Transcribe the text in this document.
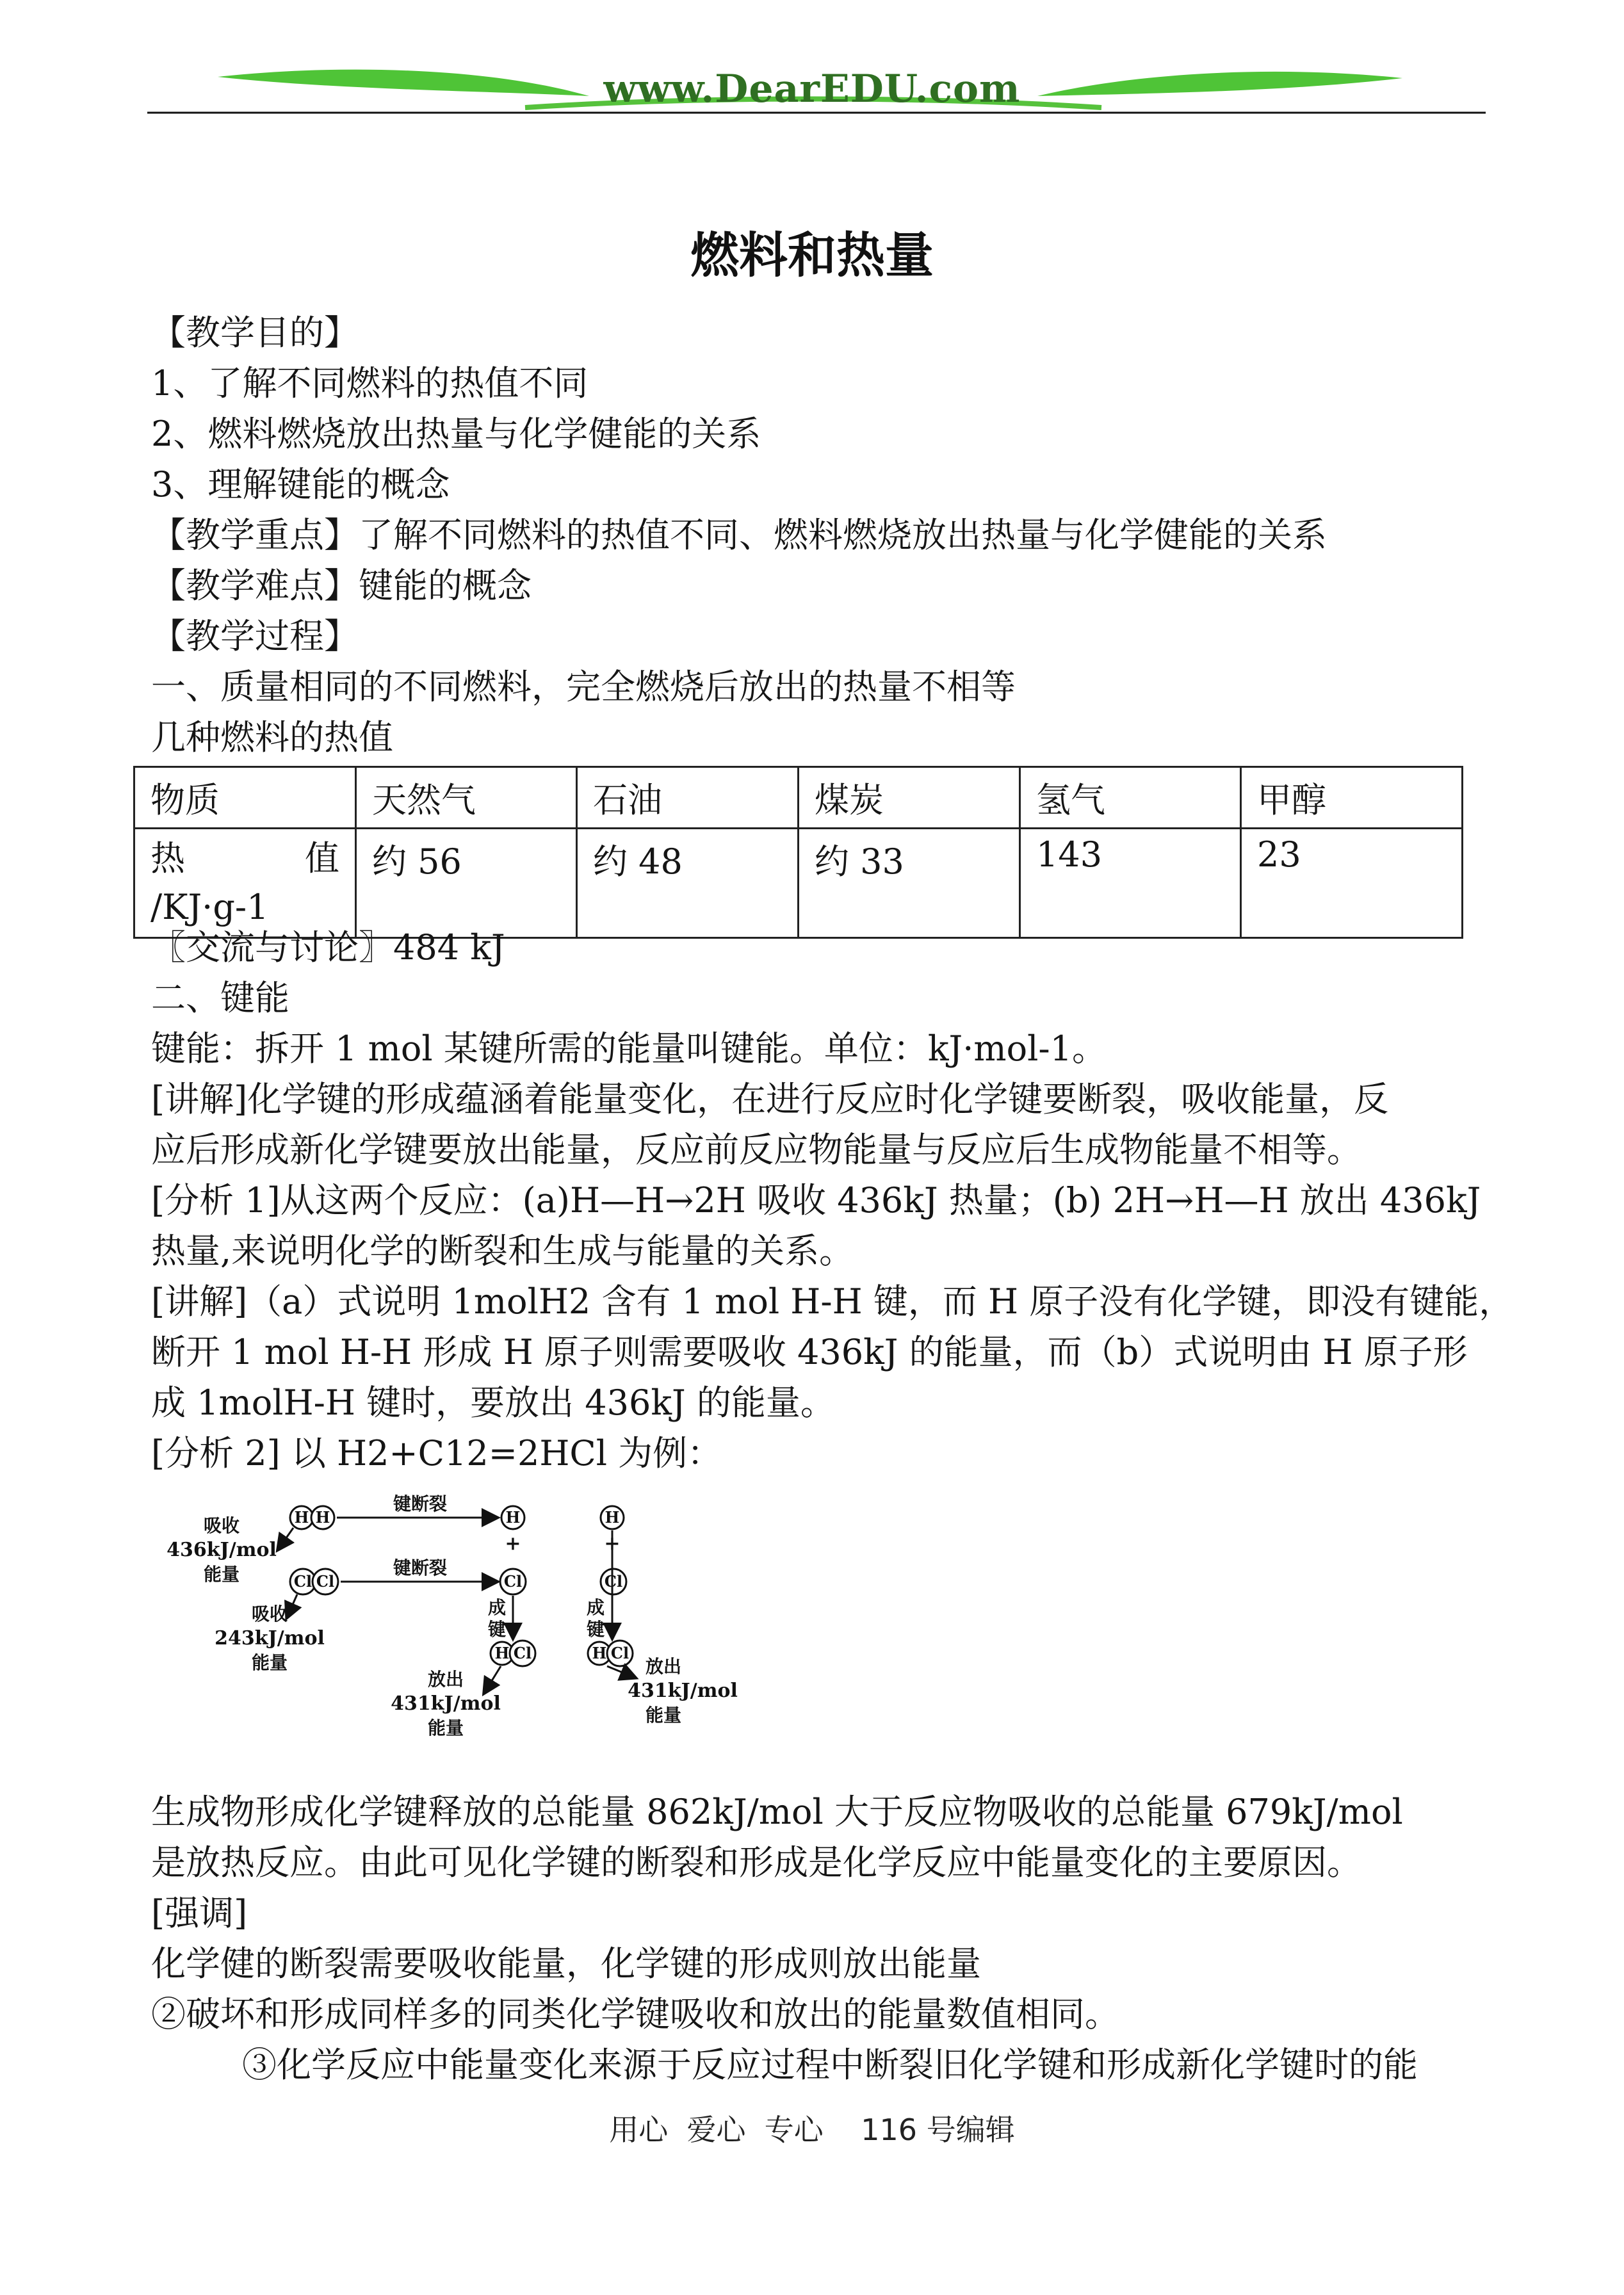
www.DearEDU.com
燃料和热量
【教学目的】
1、了解不同燃料的热值不同
2、燃料燃烧放出热量与化学健能的关系
3、理解键能的概念
【教学重点】了解不同燃料的热值不同、燃料燃烧放出热量与化学健能的关系
【教学难点】键能的概念
【教学过程】
一、质量相同的不同燃料，完全燃烧后放出的热量不相等
几种燃料的热值
物质	天然气	石油	煤炭	氢气	甲醇

热 值
/KJ·g-1	约 56	约 48	约 33	143	23
〖交流与讨论〗484 kJ
二、键能
键能：拆开 1 mol 某键所需的能量叫键能。单位：kJ·mol-1。
[讲解]化学键的形成蕴涵着能量变化，在进行反应时化学键要断裂，吸收能量，反
应后形成新化学键要放出能量，反应前反应物能量与反应后生成物能量不相等。
[分析 1]从这两个反应：(a)H—H→2H 吸收 436kJ 热量；(b) 2H→H—H 放出 436kJ
热量,来说明化学的断裂和生成与能量的关系。
[讲解]（a）式说明 1molH2 含有 1 mol H-H 键，而 H 原子没有化学键，即没有键能，
断开 1 mol H-H 形成 H 原子则需要吸收 436kJ 的能量，而（b）式说明由 H 原子形
成 1molH-H 键时，要放出 436kJ 的能量。
[分析 2] 以 H2+C12=2HCl 为例：
H H	H	H
Cl Cl	Cl	Cl
H Cl	H Cl
+	+
键断裂
键断裂
成
键
成
键
吸收
436kJ/mol
能量
吸收
243kJ/mol
能量
放出
431kJ/mol
能量
放出
431kJ/mol
能量
生成物形成化学键释放的总能量 862kJ/mol 大于反应物吸收的总能量 679kJ/mol
是放热反应。由此可见化学键的断裂和形成是化学反应中能量变化的主要原因。
[强调]
化学健的断裂需要吸收能量，化学键的形成则放出能量
②破坏和形成同样多的同类化学键吸收和放出的能量数值相同。
③化学反应中能量变化来源于反应过程中断裂旧化学键和形成新化学键时的能
用心  爱心  专心    116 号编辑
